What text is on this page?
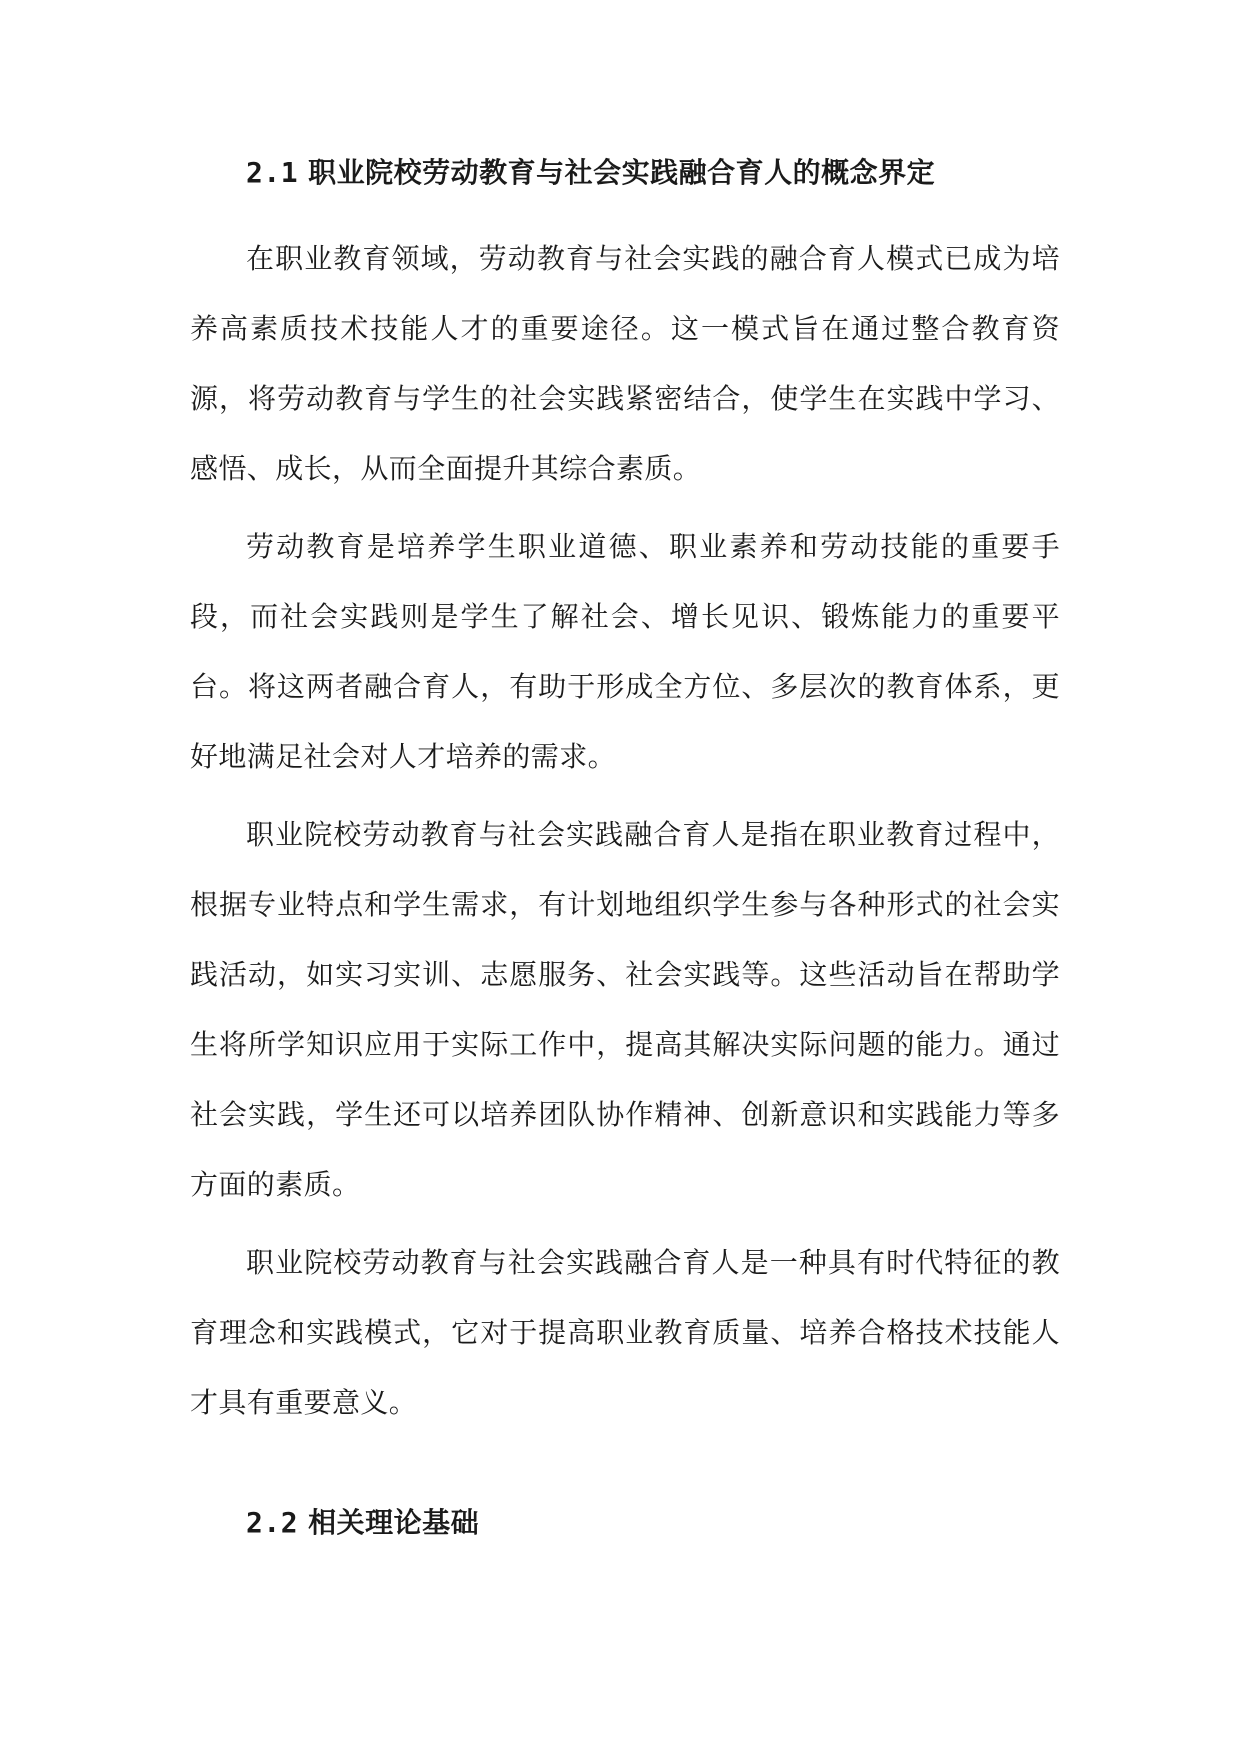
2.1 职业院校劳动教育与社会实践融合育人的概念界定

在职业教育领域，劳动教育与社会实践的融合育人模式已成为培养高素质技术技能人才的重要途径。这一模式旨在通过整合教育资源，将劳动教育与学生的社会实践紧密结合，使学生在实践中学习、感悟、成长，从而全面提升其综合素质。

劳动教育是培养学生职业道德、职业素养和劳动技能的重要手段，而社会实践则是学生了解社会、增长见识、锻炼能力的重要平台。将这两者融合育人，有助于形成全方位、多层次的教育体系，更好地满足社会对人才培养的需求。

职业院校劳动教育与社会实践融合育人是指在职业教育过程中，根据专业特点和学生需求，有计划地组织学生参与各种形式的社会实践活动，如实习实训、志愿服务、社会实践等。这些活动旨在帮助学生将所学知识应用于实际工作中，提高其解决实际问题的能力。通过社会实践，学生还可以培养团队协作精神、创新意识和实践能力等多方面的素质。

职业院校劳动教育与社会实践融合育人是一种具有时代特征的教育理念和实践模式，它对于提高职业教育质量、培养合格技术技能人才具有重要意义。

2.2 相关理论基础
